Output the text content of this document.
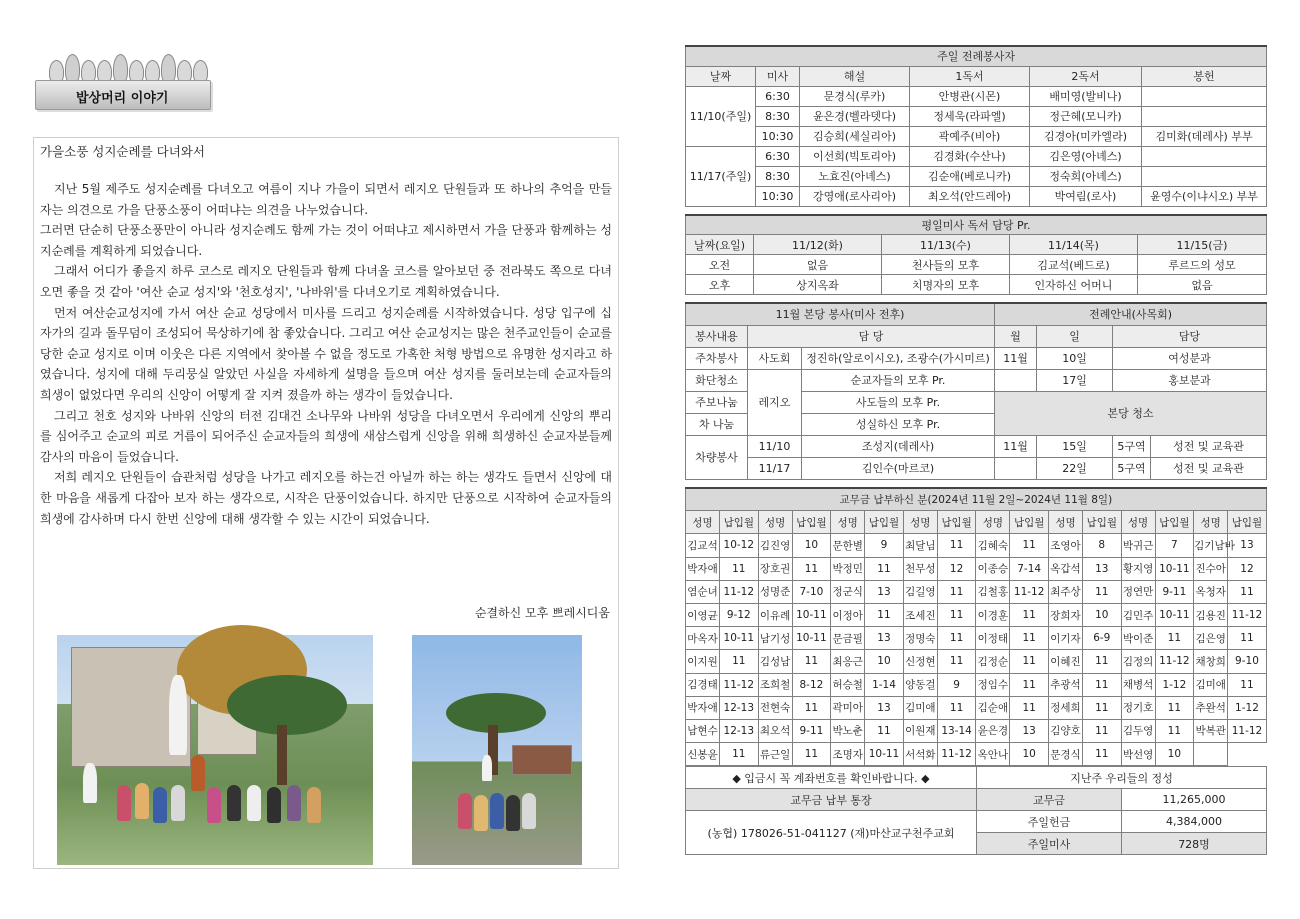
밥상머리 이야기
가을소풍 성지순례를 다녀와서

지난 5월 제주도 성지순례를 다녀오고 여름이 지나 가을이 되면서 레지오 단원들과 또 하나의 추억을 만들자는 의견으로 가을 단풍소풍이 어떠냐는 의견을 나누었습니다.

그러면 단순히 단풍소풍만이 아니라 성지순례도 함께 가는 것이 어떠냐고 제시하면서 가을 단풍과 함께하는 성지순례를 계획하게 되었습니다.

그래서 어디가 좋을지 하루 코스로 레지오 단원들과 함께 다녀올 코스를 알아보던 중 전라북도 쪽으로 다녀오면 좋을 것 같아 '여산 순교 성지'와 '천호성지', '나바위'를 다녀오기로 계획하였습니다.

먼저 여산순교성지에 가서 여산 순교 성당에서 미사를 드리고 성지순례를 시작하였습니다. 성당 입구에 십자가의 길과 돌무덤이 조성되어 묵상하기에 참 좋았습니다. 그리고 여산 순교성지는 많은 천주교인들이 순교를 당한 순교 성지로 이며 이웃은 다른 지역에서 찾아볼 수 없을 정도로 가혹한 처형 방법으로 유명한 성지라고 하였습니다. 성지에 대해 두리뭉실 알았던 사실을 자세하게 설명을 들으며 여산 성지를 둘러보는데 순교자들의 희생이 없었다면 우리의 신앙이 어떻게 잘 지켜 졌을까 하는 생각이 들었습니다.

그리고 천호 성지와 나바위 신앙의 터전 김대건 소나무와 나바위 성당을 다녀오면서 우리에게 신앙의 뿌리를 심어주고 순교의 피로 거름이 되어주신 순교자들의 희생에 새삼스럽게 신앙을 위해 희생하신 순교자분들께 감사의 마음이 들었습니다.

저희 레지오 단원들이 습관처럼 성당을 나가고 레지오를 하는건 아닐까 하는 하는 생각도 들면서 신앙에 대한 마음을 새롭게 다잡아 보자 하는 생각으로, 시작은 단풍이었습니다. 하지만 단풍으로 시작하여 순교자들의 희생에 감사하며 다시 한번 신앙에 대해 생각할 수 있는 시간이 되었습니다.

순결하신 모후 쁘레시디움
주일 전례봉사자					
날짜	미사	해설	1독서	2독서	봉헌
11/10(주일)	6:30	문경식(루카)	안병관(시몬)	배미영(발비나)	
	8:30	윤은경(벨라뎃다)	정세욱(라파엘)	정근혜(모니카)	
	10:30	김승희(세실리아)	곽예주(비아)	김경아(미카엘라)	김미화(데레사) 부부
11/17(주일)	6:30	이선희(빅토리아)	김경화(수산나)	김은영(아녜스)	
	8:30	노효진(아녜스)	김순애(베로니카)	정숙희(아녜스)	
	10:30	강영애(로사리아)	최오석(안드레아)	박여림(로사)	윤영수(이냐시오) 부부
평일미사 독서 담당 Pr.				
날짜(요일)	11/12(화)	11/13(수)	11/14(목)	11/15(금)
오전	없음	천사들의 모후	김교석(베드로)	루르드의 성모
오후	상지옥좌	치명자의 모후	인자하신 어머니	없음
11월 본당 봉사(미사 전후)			전례안내(사목회)			
봉사내용	담 당		월	일	담당	
주차봉사	사도회	정진하(알로이시오), 조광수(가시미르)	11월	10일	여성분과	
화단청소	레지오	순교자들의 모후 Pr.		17일	홍보분과	
주보나눔		사도들의 모후 Pr.	본당 청소			
차 나눔		성실하신 모후 Pr.				
차량봉사	11/10	조성지(데레사)	11월	15일	5구역	성전 및 교육관
	11/17	김인수(마르코)		22일	5구역	성전 및 교육관
교무금 납부하신 분(2024년 11월 2일~2024년 11월 8일)															
성명	납입월	성명	납입월	성명	납입월	성명	납입월	성명	납입월	성명	납입월	성명	납입월	성명	납입월
김교석	10-12	김진영	10	문한별	9	최달님	11	김혜숙	11	조영아	8	박귀근	7	김기남바	13
박자애	11	장호권	11	박정민	11	천무성	12	이종승	7-14	옥갑석	13	황지영	10-11	진수아	12
염순녀	11-12	성명준	7-10	정군식	13	김길영	11	김철홍	11-12	최주상	11	정연만	9-11	옥청자	11
이영균	9-12	이유례	10-11	이정아	11	조세진	11	이경훈	11	장희자	10	김민주	10-11	김용진	11-12
마옥자	10-11	남기성	10-11	문금필	13	정명숙	11	이정태	11	이기자	6-9	박이준	11	김은영	11
이지원	11	김성남	11	최응근	10	신정현	11	김정순	11	이혜진	11	김정의	11-12	채창희	9-10
김경태	11-12	조희철	8-12	허승철	1-14	양동걸	9	정임수	11	추광석	11	채병석	1-12	김미애	11
박자애	12-13	전현숙	11	곽미아	13	김미애	11	김순애	11	정세희	11	정기호	11	추완석	1-12
남현수	12-13	최오석	9-11	박노춘	11	이원재	13-14	윤은경	13	김양호	11	김두영	11	박복관	11-12
신봉윤	11	류근일	11	조명자	10-11	서석화	11-12	옥안나	10	문경식	11	박선영	10		
◆ 입금시 꼭 계좌번호를 확인바랍니다. ◆	지난주 우리들의 정성	
교무금 납부 통장	교무금	11,265,000
(농협) 178026-51-041127 (재)마산교구천주교회	주일헌금	4,384,000
	주일미사	728명
